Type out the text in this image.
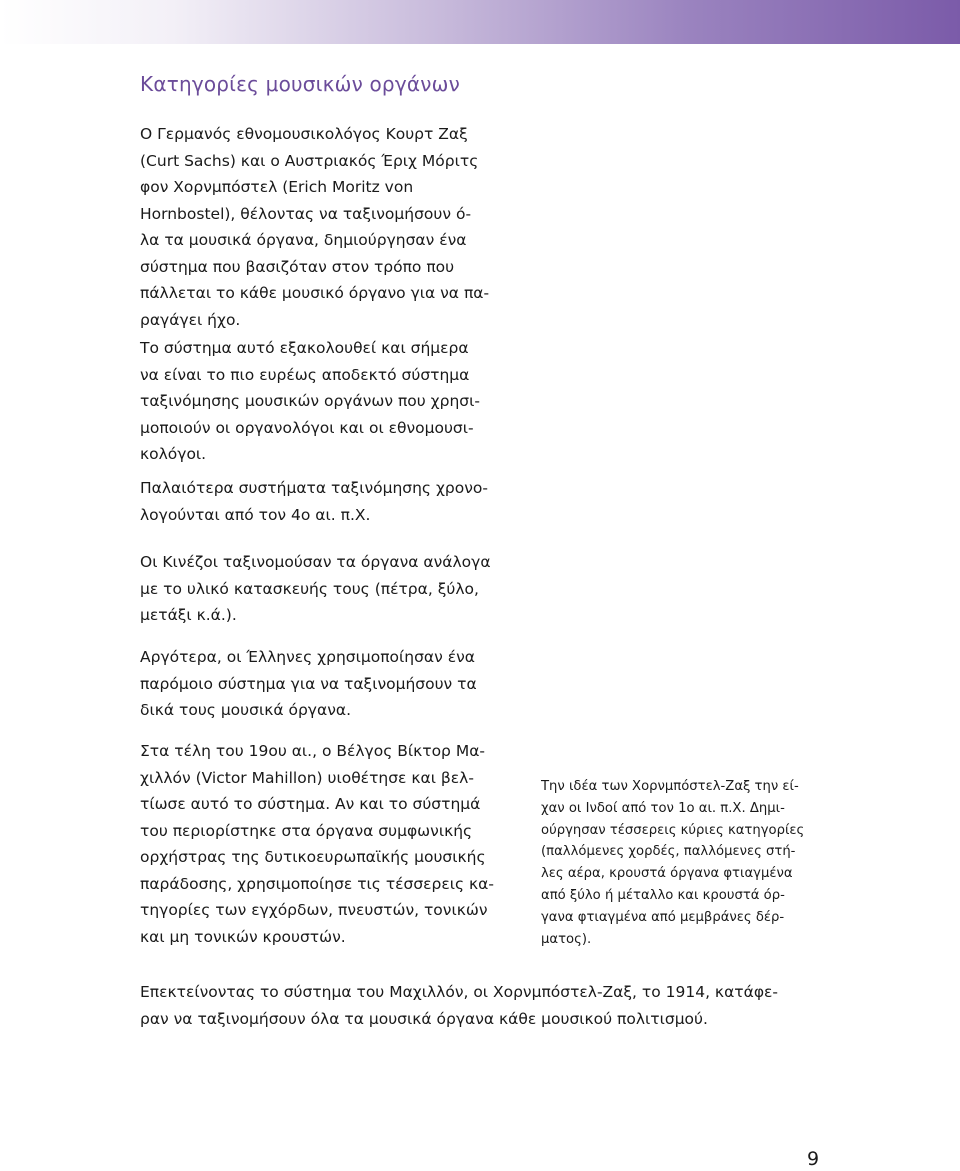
Κατηγορίες μουσικών οργάνων

Ο Γερμανός εθνομουσικολόγος Κουρτ Ζαξ
(Curt Sachs) και ο Αυστριακός Έριχ Μόριτς
φον Χορνμπόστελ (Erich Moritz von
Hornbostel), θέλοντας να ταξινομήσουν ό-
λα τα μουσικά όργανα, δημιούργησαν ένα
σύστημα που βασιζόταν στον τρόπο που
πάλλεται το κάθε μουσικό όργανο για να πα-
ραγάγει ήχο.

Το σύστημα αυτό εξακολουθεί και σήμερα
να είναι το πιο ευρέως αποδεκτό σύστημα
ταξινόμησης μουσικών οργάνων που χρησι-
μοποιούν οι οργανολόγοι και οι εθνομουσι-
κολόγοι.

Παλαιότερα συστήματα ταξινόμησης χρονο-
λογούνται από τον 4ο αι. π.Χ.

Οι Κινέζοι ταξινομούσαν τα όργανα ανάλογα
με το υλικό κατασκευής τους (πέτρα, ξύλο,
μετάξι κ.ά.).

Αργότερα, οι Έλληνες χρησιμοποίησαν ένα
παρόμοιο σύστημα για να ταξινομήσουν τα
δικά τους μουσικά όργανα.

Στα τέλη του 19ου αι., ο Βέλγος Βίκτορ Μα-
χιλλόν (Victor Mahillon) υιοθέτησε και βελ-
τίωσε αυτό το σύστημα. Αν και το σύστημά
του περιορίστηκε στα όργανα συμφωνικής
ορχήστρας της δυτικοευρωπαϊκής μουσικής
παράδοσης, χρησιμοποίησε τις τέσσερεις κα-
τηγορίες των εγχόρδων, πνευστών, τονικών
και μη τονικών κρουστών.

Την ιδέα των Χορνμπόστελ-Ζαξ την εί-
χαν οι Ινδοί από τον 1ο αι. π.Χ. Δημι-
ούργησαν τέσσερεις κύριες κατηγορίες
(παλλόμενες χορδές, παλλόμενες στή-
λες αέρα, κρουστά όργανα φτιαγμένα
από ξύλο ή μέταλλο και κρουστά όρ-
γανα φτιαγμένα από μεμβράνες δέρ-
ματος).

Επεκτείνοντας το σύστημα του Μαχιλλόν, οι Χορνμπόστελ-Ζαξ, το 1914, κατάφε-
ραν να ταξινομήσουν όλα τα μουσικά όργανα κάθε μουσικού πολιτισμού.

9
